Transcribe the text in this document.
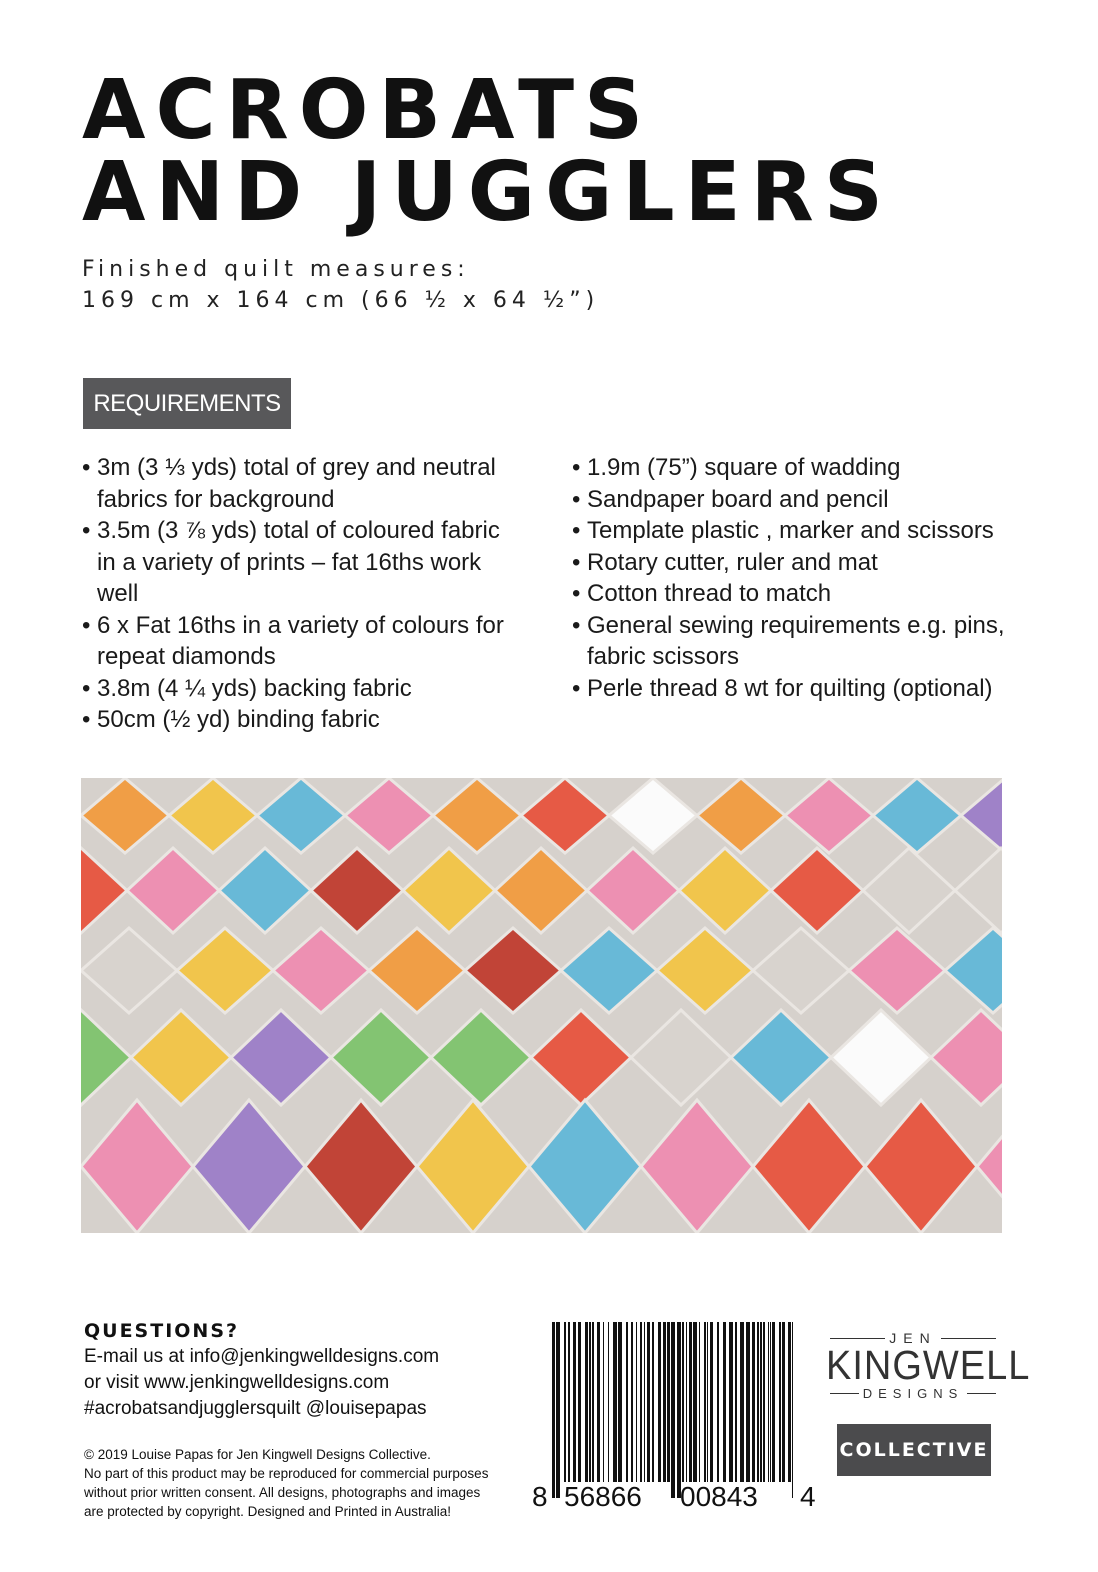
ACROBATS
AND JUGGLERS
Finished quilt measures:
169 cm x 164 cm (66 ½ x 64 ½”)
REQUIREMENTS
• 3m (3 ⅓ yds) total of grey and neutral fabrics for background
• 3.5m (3 ⅞ yds) total of coloured fabric in a variety of prints – fat 16ths work well
• 6 x Fat 16ths in a variety of colours for repeat diamonds
• 3.8m (4 ¼ yds) backing fabric
• 50cm (½ yd) binding fabric
• 1.9m (75”) square of wadding
• Sandpaper board and pencil
• Template plastic , marker and scissors
• Rotary cutter, ruler and mat
• Cotton thread to match
• General sewing requirements e.g. pins, fabric scissors
• Perle thread 8 wt for quilting (optional)
QUESTIONS?
E-mail us at info@jenkingwelldesigns.com
or visit www.jenkingwelldesigns.com
#acrobatsandjugglersquilt @louisepapas
© 2019 Louise Papas for Jen Kingwell Designs Collective.
No part of this product may be reproduced for commercial purposes
without prior written consent. All designs, photographs and images
are protected by copyright. Designed and Printed in Australia!	8 56866 00843 4
JEN
KINGWELL
DESIGNS
COLLECTIVE
